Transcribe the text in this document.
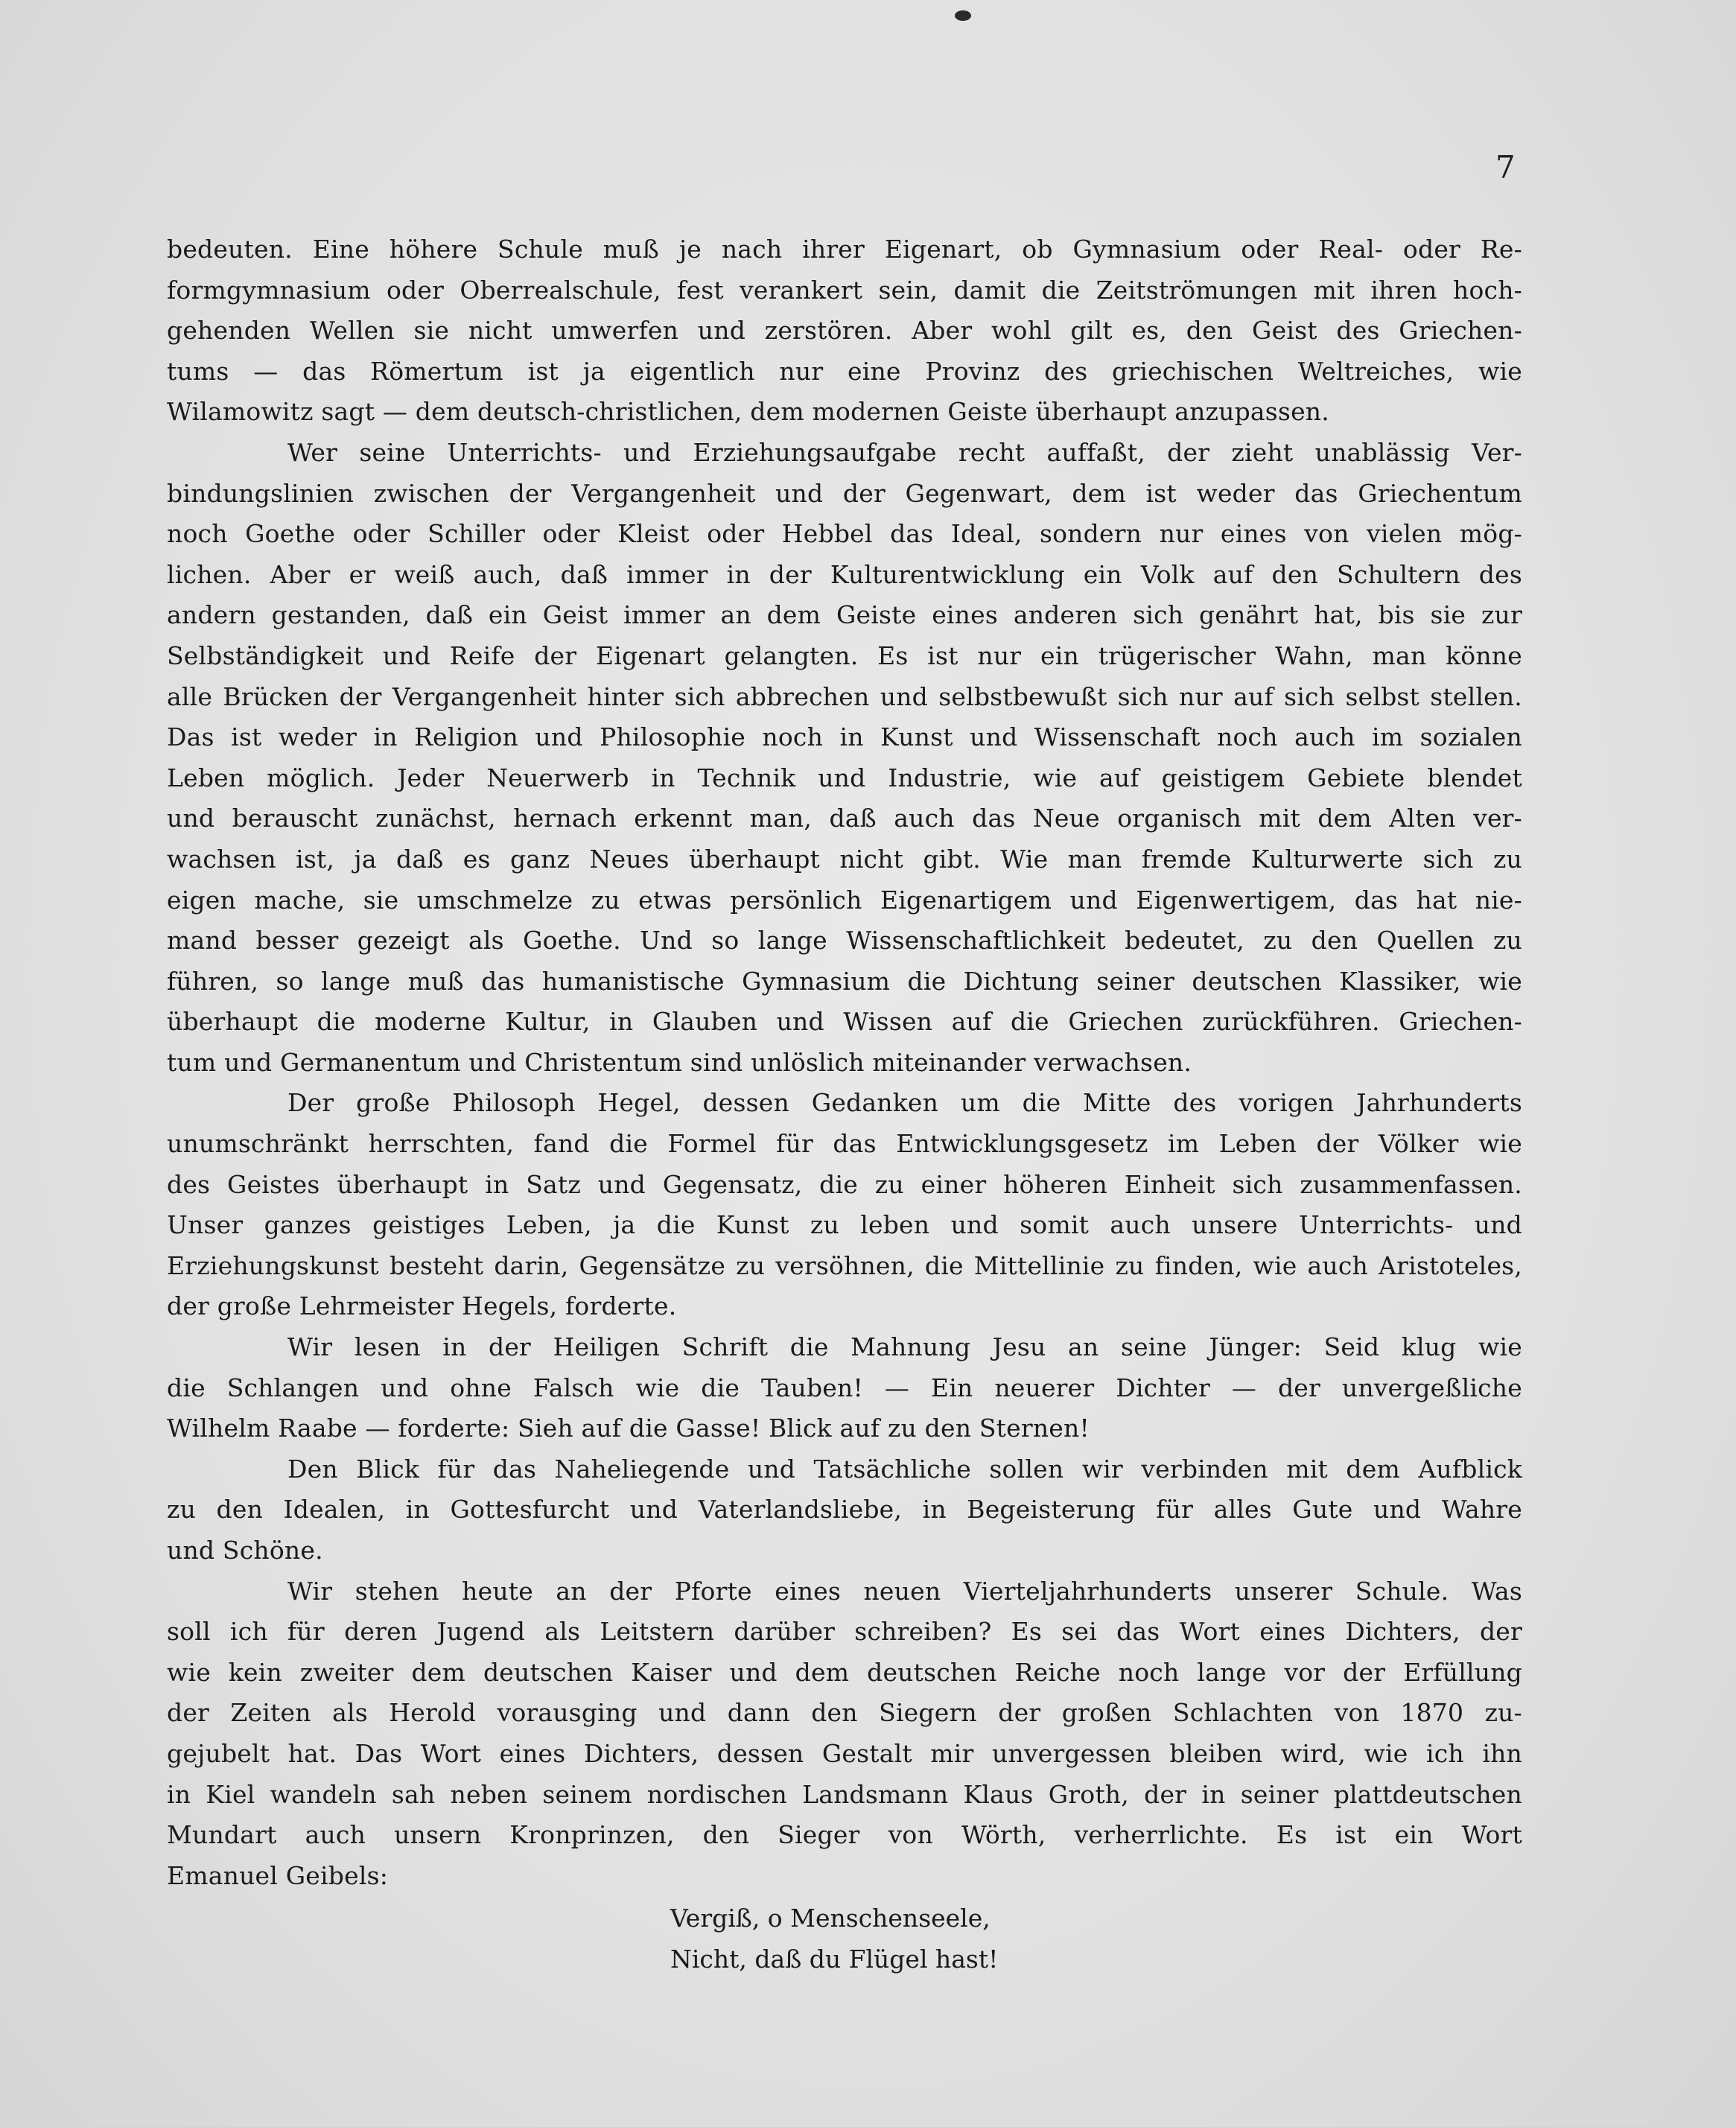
7
bedeuten. Eine höhere Schule muß je nach ihrer Eigenart, ob Gymnasium oder Real- oder Re-
formgymnasium oder Oberrealschule, fest verankert sein, damit die Zeitströmungen mit ihren hoch-
gehenden Wellen sie nicht umwerfen und zerstören. Aber wohl gilt es, den Geist des Griechen-
tums — das Römertum ist ja eigentlich nur eine Provinz des griechischen Weltreiches, wie
Wilamowitz sagt — dem deutsch-christlichen, dem modernen Geiste überhaupt anzupassen.
Wer seine Unterrichts- und Erziehungsaufgabe recht auffaßt, der zieht unablässig Ver-
bindungslinien zwischen der Vergangenheit und der Gegenwart, dem ist weder das Griechentum
noch Goethe oder Schiller oder Kleist oder Hebbel das Ideal, sondern nur eines von vielen mög-
lichen. Aber er weiß auch, daß immer in der Kulturentwicklung ein Volk auf den Schultern des
andern gestanden, daß ein Geist immer an dem Geiste eines anderen sich genährt hat, bis sie zur
Selbständigkeit und Reife der Eigenart gelangten. Es ist nur ein trügerischer Wahn, man könne
alle Brücken der Vergangenheit hinter sich abbrechen und selbstbewußt sich nur auf sich selbst stellen.
Das ist weder in Religion und Philosophie noch in Kunst und Wissenschaft noch auch im sozialen
Leben möglich. Jeder Neuerwerb in Technik und Industrie, wie auf geistigem Gebiete blendet
und berauscht zunächst, hernach erkennt man, daß auch das Neue organisch mit dem Alten ver-
wachsen ist, ja daß es ganz Neues überhaupt nicht gibt. Wie man fremde Kulturwerte sich zu
eigen mache, sie umschmelze zu etwas persönlich Eigenartigem und Eigenwertigem, das hat nie-
mand besser gezeigt als Goethe. Und so lange Wissenschaftlichkeit bedeutet, zu den Quellen zu
führen, so lange muß das humanistische Gymnasium die Dichtung seiner deutschen Klassiker, wie
überhaupt die moderne Kultur, in Glauben und Wissen auf die Griechen zurückführen. Griechen-
tum und Germanentum und Christentum sind unlöslich miteinander verwachsen.
Der große Philosoph Hegel, dessen Gedanken um die Mitte des vorigen Jahrhunderts
unumschränkt herrschten, fand die Formel für das Entwicklungsgesetz im Leben der Völker wie
des Geistes überhaupt in Satz und Gegensatz, die zu einer höheren Einheit sich zusammenfassen.
Unser ganzes geistiges Leben, ja die Kunst zu leben und somit auch unsere Unterrichts- und
Erziehungskunst besteht darin, Gegensätze zu versöhnen, die Mittellinie zu finden, wie auch Aristoteles,
der große Lehrmeister Hegels, forderte.
Wir lesen in der Heiligen Schrift die Mahnung Jesu an seine Jünger: Seid klug wie
die Schlangen und ohne Falsch wie die Tauben! — Ein neuerer Dichter — der unvergeßliche
Wilhelm Raabe — forderte: Sieh auf die Gasse! Blick auf zu den Sternen!
Den Blick für das Naheliegende und Tatsächliche sollen wir verbinden mit dem Aufblick
zu den Idealen, in Gottesfurcht und Vaterlandsliebe, in Begeisterung für alles Gute und Wahre
und Schöne.
Wir stehen heute an der Pforte eines neuen Vierteljahrhunderts unserer Schule. Was
soll ich für deren Jugend als Leitstern darüber schreiben? Es sei das Wort eines Dichters, der
wie kein zweiter dem deutschen Kaiser und dem deutschen Reiche noch lange vor der Erfüllung
der Zeiten als Herold vorausging und dann den Siegern der großen Schlachten von 1870 zu-
gejubelt hat. Das Wort eines Dichters, dessen Gestalt mir unvergessen bleiben wird, wie ich ihn
in Kiel wandeln sah neben seinem nordischen Landsmann Klaus Groth, der in seiner plattdeutschen
Mundart auch unsern Kronprinzen, den Sieger von Wörth, verherrlichte. Es ist ein Wort
Emanuel Geibels:
Vergiß, o Menschenseele,
Nicht, daß du Flügel hast!
